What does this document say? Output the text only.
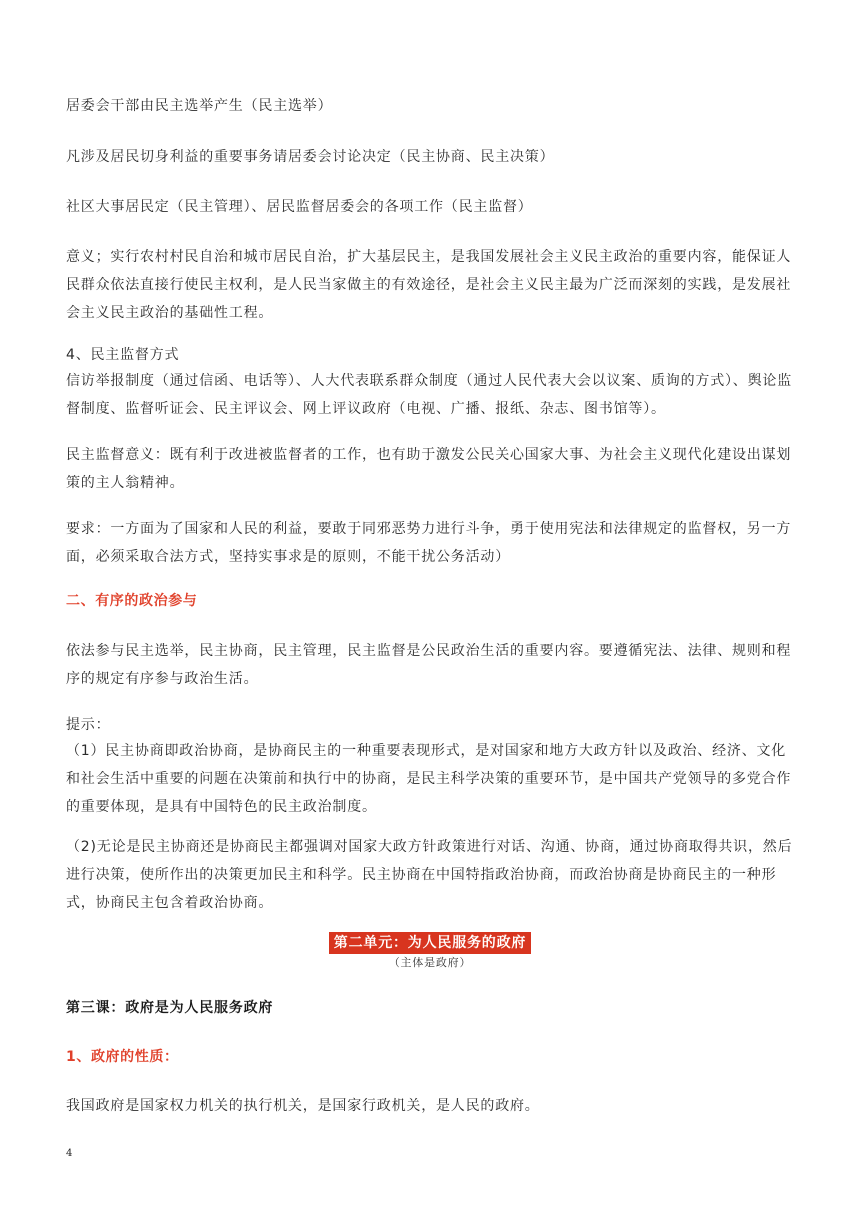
居委会干部由民主选举产生（民主选举）

凡涉及居民切身利益的重要事务请居委会讨论决定（民主协商、民主决策）

社区大事居民定（民主管理）、居民监督居委会的各项工作（民主监督）

意义；实行农村村民自治和城市居民自治，扩大基层民主，是我国发展社会主义民主政治的重要内容，能保证人民群众依法直接行使民主权利，是人民当家做主的有效途径，是社会主义民主最为广泛而深刻的实践，是发展社会主义民主政治的基础性工程。

4、民主监督方式

信访举报制度（通过信函、电话等）、人大代表联系群众制度（通过人民代表大会以议案、质询的方式）、舆论监督制度、监督听证会、民主评议会、网上评议政府（电视、广播、报纸、杂志、图书馆等）。

民主监督意义：既有利于改进被监督者的工作，也有助于激发公民关心国家大事、为社会主义现代化建设出谋划策的主人翁精神。

要求：一方面为了国家和人民的利益，要敢于同邪恶势力进行斗争，勇于使用宪法和法律规定的监督权，另一方面，必须采取合法方式，坚持实事求是的原则，不能干扰公务活动）

二、有序的政治参与

依法参与民主选举，民主协商，民主管理，民主监督是公民政治生活的重要内容。要遵循宪法、法律、规则和程序的规定有序参与政治生活。

提示：

（1）民主协商即政治协商，是协商民主的一种重要表现形式，是对国家和地方大政方针以及政治、经济、文化和社会生活中重要的问题在决策前和执行中的协商，是民主科学决策的重要环节，是中国共产党领导的多党合作的重要体现，是具有中国特色的民主政治制度。

（2)无论是民主协商还是协商民主都强调对国家大政方针政策进行对话、沟通、协商，通过协商取得共识，然后进行决策，使所作出的决策更加民主和科学。民主协商在中国特指政治协商，而政治协商是协商民主的一种形式，协商民主包含着政治协商。

第二单元：为人民服务的政府
（主体是政府）

第三课：政府是为人民服务政府

1、政府的性质：

我国政府是国家权力机关的执行机关，是国家行政机关，是人民的政府。

4
